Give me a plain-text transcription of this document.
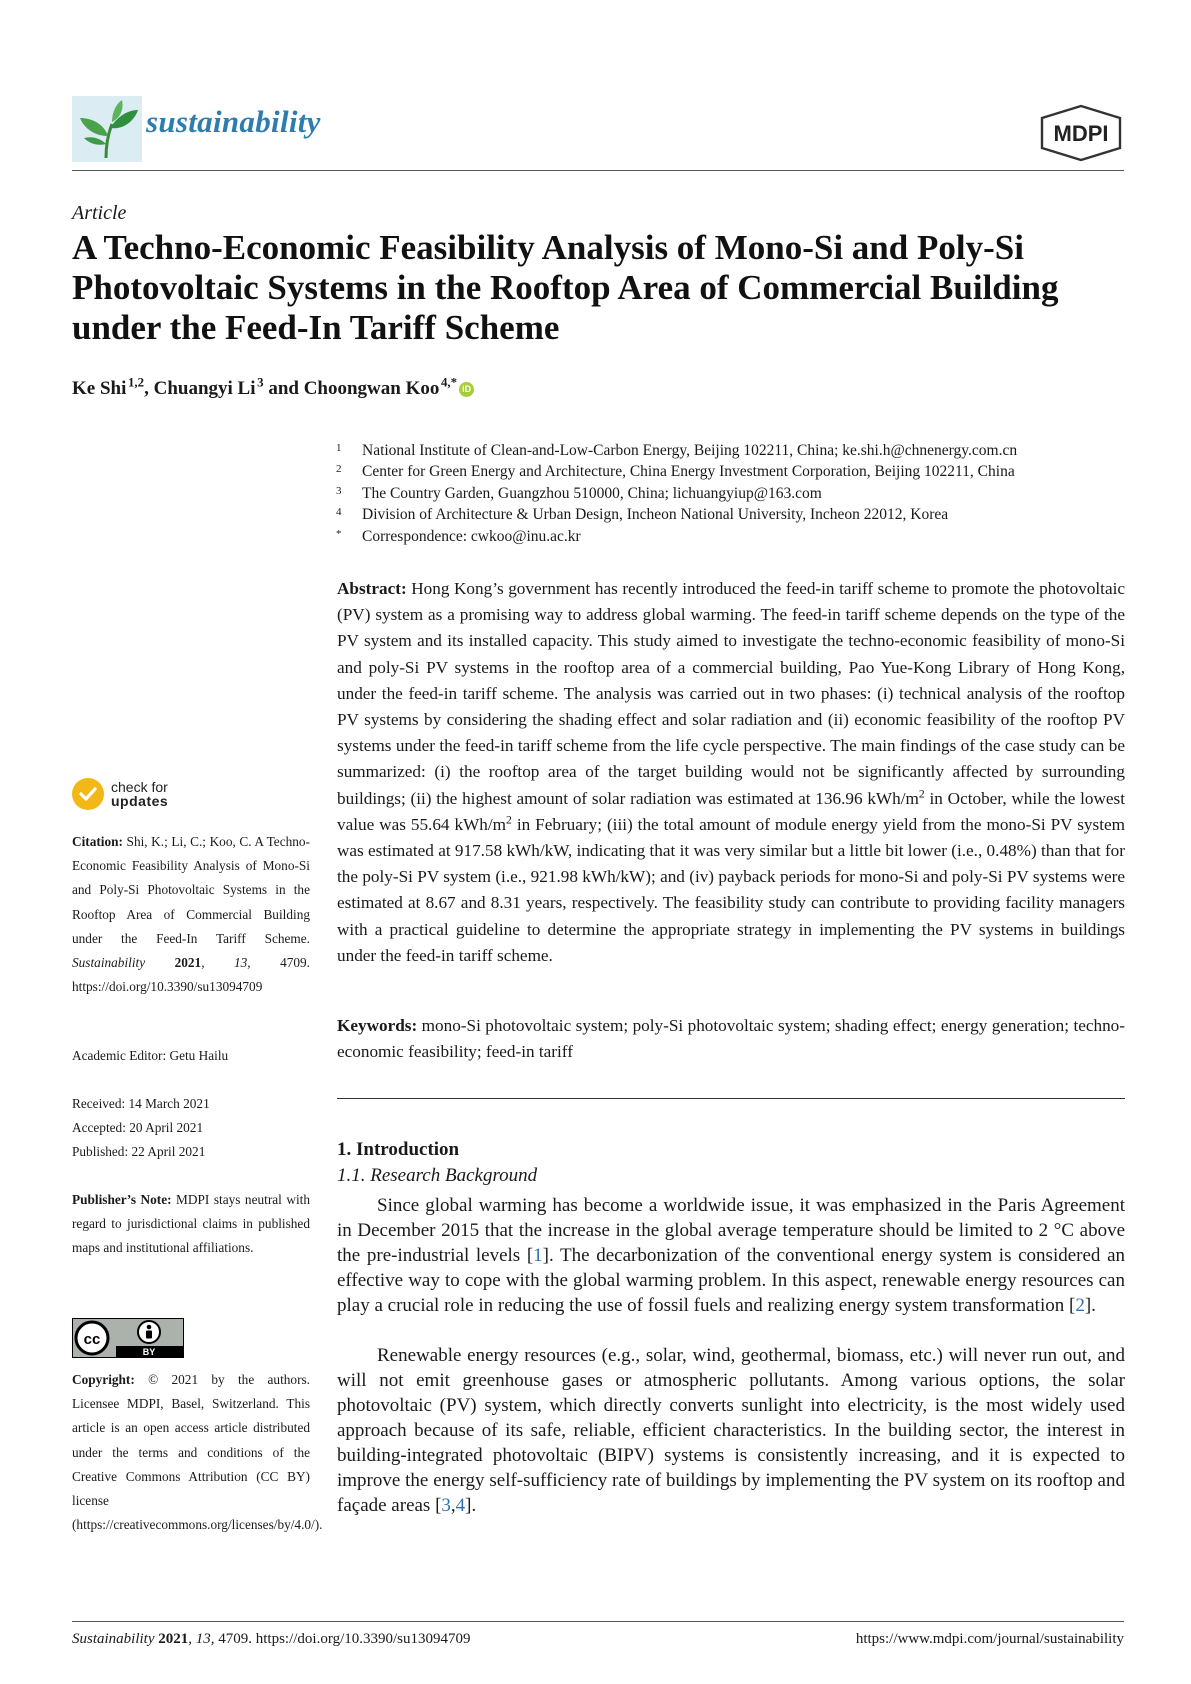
sustainability	MDPI
Article
A Techno-Economic Feasibility Analysis of Mono-Si and Poly-Si Photovoltaic Systems in the Rooftop Area of Commercial Building under the Feed-In Tariff Scheme
Ke Shi  $^{1,2}$, Chuangyi Li  $^3$ and Choongwan Koo  $^{4,*}$ iD
1 National Institute of Clean-and-Low-Carbon Energy, Beijing 102211, China; ke.shi.h@chnenergy.com.cn
2 Center for Green Energy and Architecture, China Energy Investment Corporation, Beijing 102211, China
3 The Country Garden, Guangzhou 510000, China; lichuangyiup@163.com
4 Division of Architecture & Urban Design, Incheon National University, Incheon 22012, Korea
* Correspondence: cwkoo@inu.ac.kr

Abstract: Hong Kong’s government has recently introduced the feed-in tariff scheme to promote the photovoltaic (PV) system as a promising way to address global warming. The feed-in tariff scheme depends on the type of the PV system and its installed capacity. This study aimed to investigate the techno-economic feasibility of mono-Si and poly-Si PV systems in the rooftop area of a commercial building, Pao Yue-Kong Library of Hong Kong, under the feed-in tariff scheme. The analysis was carried out in two phases: (i) technical analysis of the rooftop PV systems by considering the shading effect and solar radiation and (ii) economic feasibility of the rooftop PV systems under the feed-in tariff scheme from the life cycle perspective. The main findings of the case study can be summarized: (i) the rooftop area of the target building would not be significantly affected by surrounding buildings; (ii) the highest amount of solar radiation was estimated at 136.96 kWh/$m^2$ in October, while the lowest value was 55.64 kWh/$m^2$ in February; (iii) the total amount of module energy yield from the mono-Si PV system was estimated at 917.58 kWh/kW, indicating that it was very similar but a little bit lower (i.e., 0.48%) than that for the poly-Si PV system (i.e., 921.98 kWh/kW); and (iv) payback periods for mono-Si and poly-Si PV systems were estimated at 8.67 and 8.31 years, respectively. The feasibility study can contribute to providing facility managers with a practical guideline to determine the appropriate strategy in implementing the PV systems in buildings under the feed-in tariff scheme.

Keywords: mono-Si photovoltaic system; poly-Si photovoltaic system; shading effect; energy generation; techno-economic feasibility; feed-in tariff

1. Introduction
1.1. Research Background

Since global warming has become a worldwide issue, it was emphasized in the Paris Agreement in December 2015 that the increase in the global average temperature should be limited to 2 °C above the pre-industrial levels [1]. The decarbonization of the conventional energy system is considered an effective way to cope with the global warming problem. In this aspect, renewable energy resources can play a crucial role in reducing the use of fossil fuels and realizing energy system transformation [2].

Renewable energy resources (e.g., solar, wind, geothermal, biomass, etc.) will never run out, and will not emit greenhouse gases or atmospheric pollutants. Among various options, the solar photovoltaic (PV) system, which directly converts sunlight into electricity, is the most widely used approach because of its safe, reliable, efficient characteristics. In the building sector, the interest in building-integrated photovoltaic (BIPV) systems is consistently increasing, and it is expected to improve the energy self-sufficiency rate of buildings by implementing the PV system on its rooftop and façade areas [3,4].

check for
updates

Citation: Shi, K.; Li, C.; Koo, C. A Techno-Economic Feasibility Analysis of Mono-Si and Poly-Si Photovoltaic Systems in the Rooftop Area of Commercial Building under the Feed-In Tariff Scheme. Sustainability 2021, 13, 4709. https://doi.org/10.3390/su13094709

Academic Editor: Getu Hailu

Received: 14 March 2021
Accepted: 20 April 2021
Published: 22 April 2021

Publisher’s Note: MDPI stays neutral with regard to jurisdictional claims in published maps and institutional affiliations.

cc
BY

Copyright: © 2021 by the authors. Licensee MDPI, Basel, Switzerland. This article is an open access article distributed under the terms and conditions of the Creative Commons Attribution (CC BY) license (https://creativecommons.org/licenses/by/4.0/).

Sustainability 2021, 13, 4709. https://doi.org/10.3390/su13094709	https://www.mdpi.com/journal/sustainability
